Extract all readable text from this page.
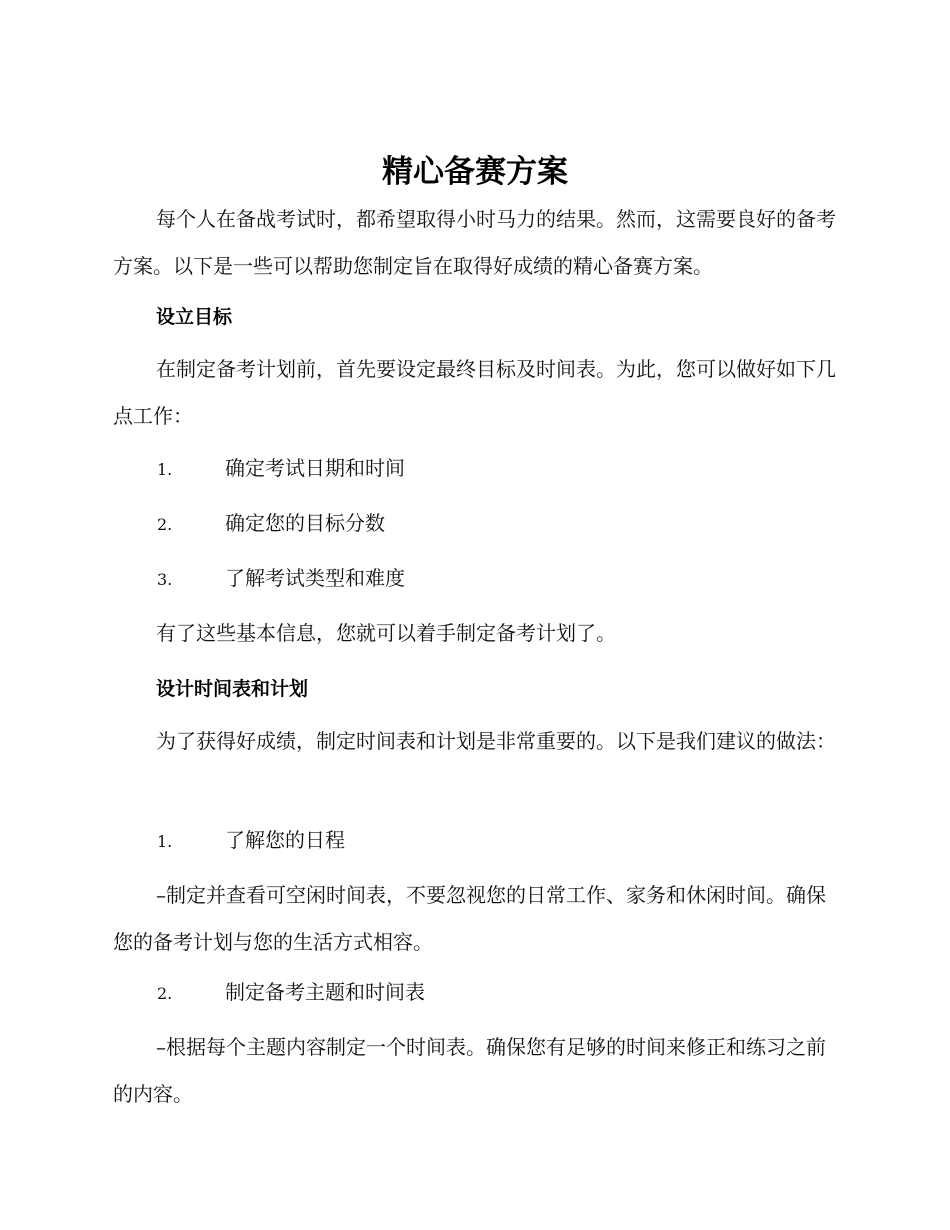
精心备赛方案

每个人在备战考试时，都希望取得小时马力的结果。然而，这需要良好的备考方案。以下是一些可以帮助您制定旨在取得好成绩的精心备赛方案。

设立目标

在制定备考计划前，首先要设定最终目标及时间表。为此，您可以做好如下几点工作：

1.	确定考试日期和时间
2.	确定您的目标分数
3.	了解考试类型和难度

有了这些基本信息，您就可以着手制定备考计划了。

设计时间表和计划

为了获得好成绩，制定时间表和计划是非常重要的。以下是我们建议的做法：

1.	了解您的日程

–制定并查看可空闲时间表，不要忽视您的日常工作、家务和休闲时间。确保您的备考计划与您的生活方式相容。

2.	制定备考主题和时间表

–根据每个主题内容制定一个时间表。确保您有足够的时间来修正和练习之前的内容。
